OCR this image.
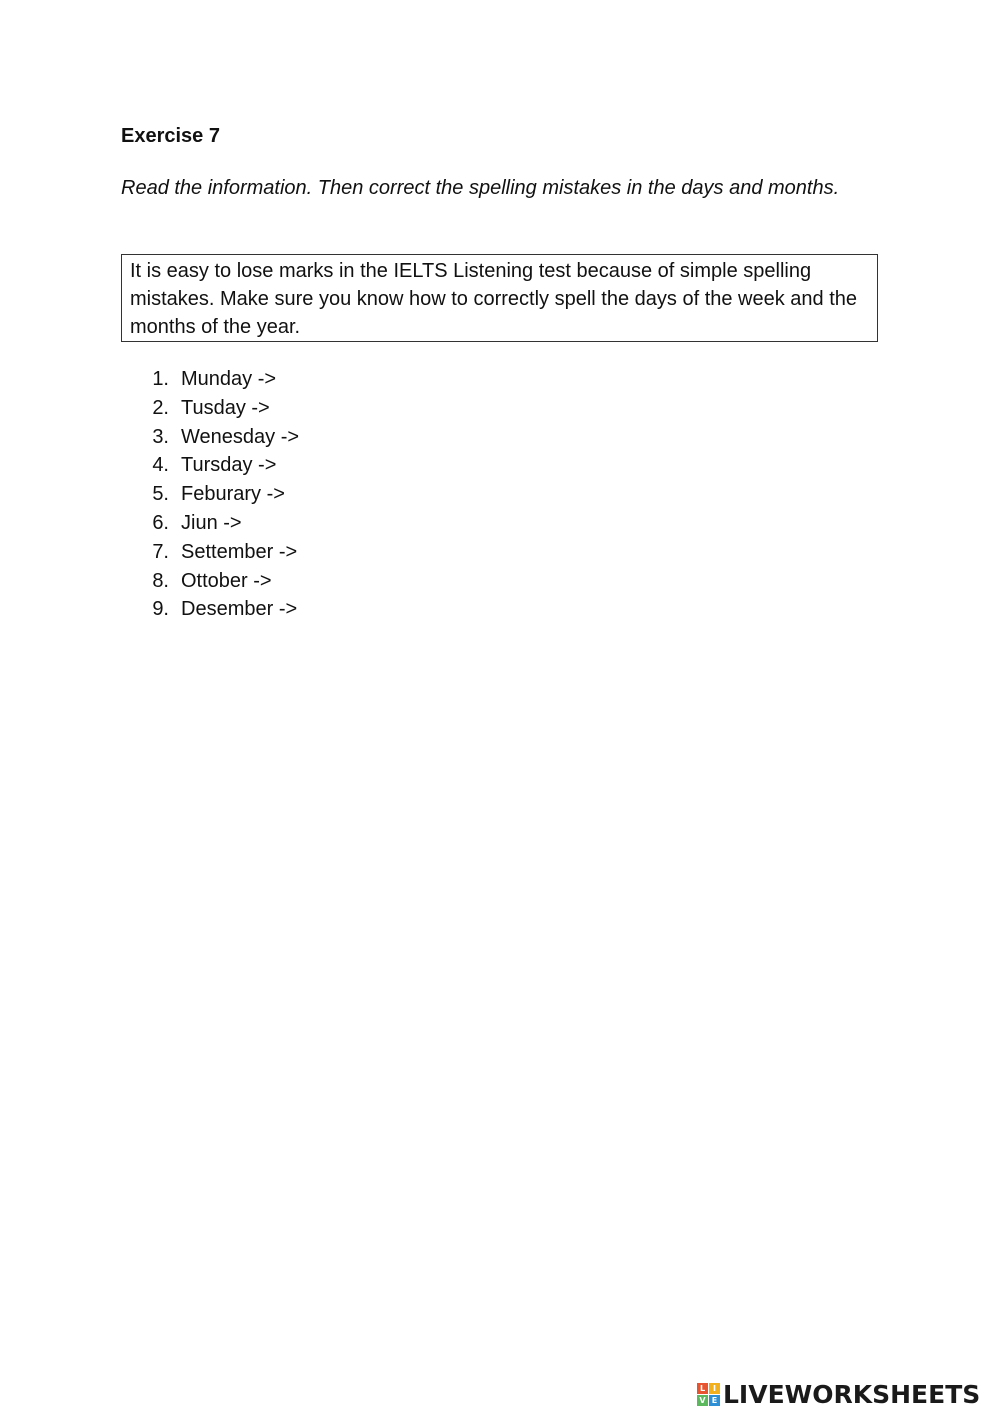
Exercise 7
Read the information. Then correct the spelling mistakes in the days and months.
It is easy to lose marks in the IELTS Listening test because of simple spelling mistakes. Make sure you know how to correctly spell the days of the week and the months of the year.
1. Munday ->
2. Tusday ->
3. Wenesday ->
4. Tursday ->
5. Feburary ->
6. Jiun ->
7. Settember ->
8. Ottober ->
9. Desember ->
L I
V E LIVEWORKSHEETS
